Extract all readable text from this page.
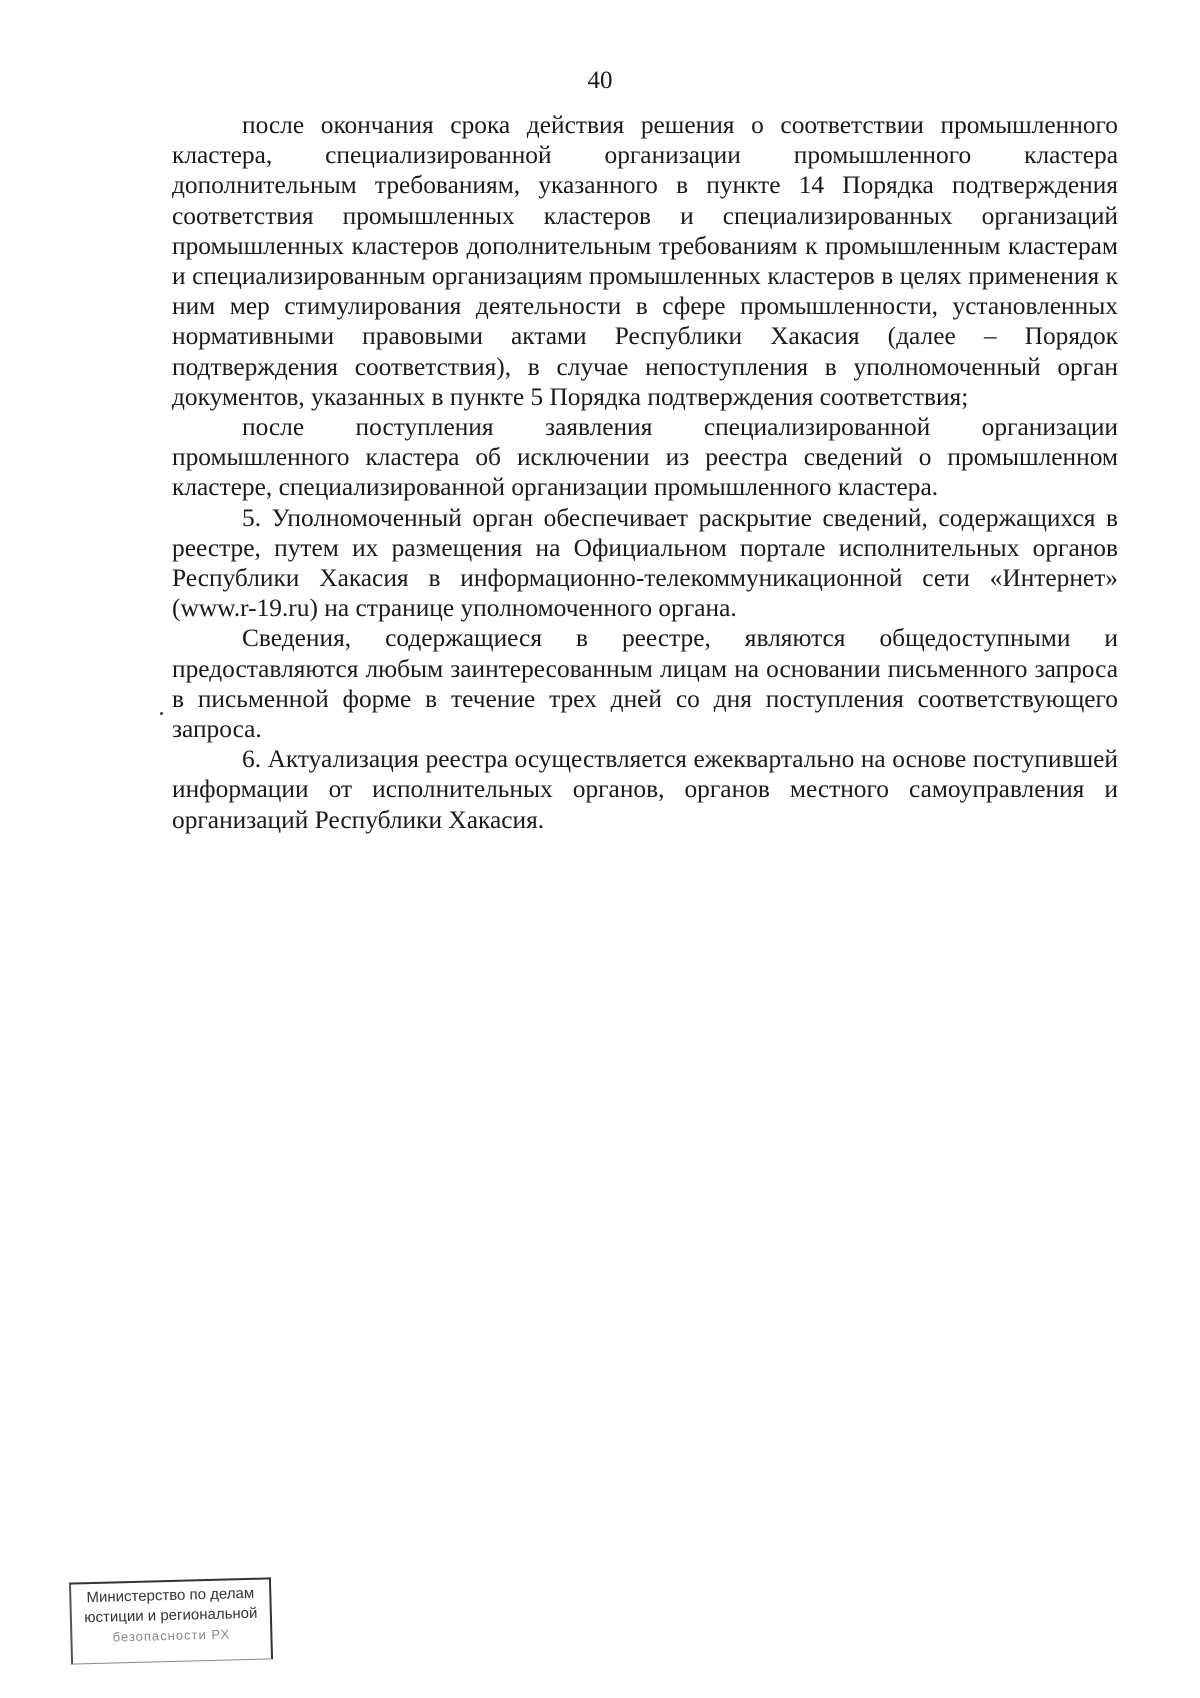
40

после окончания срока действия решения о соответствии промышленного кластера, специализированной организации промышленного кластера дополнительным требованиям, указанного в пункте 14 Порядка подтверждения соответствия промышленных кластеров и специализированных организаций промышленных кластеров дополнительным требованиям к промышленным кластерам и специализированным организациям промышленных кластеров в целях применения к ним мер стимулирования деятельности в сфере промышленности, установленных нормативными правовыми актами Республики Хакасия (далее – Порядок подтверждения соответствия), в случае непоступления в уполномоченный орган документов, указанных в пункте 5 Порядка подтверждения соответствия;

после поступления заявления специализированной организации промышленного кластера об исключении из реестра сведений о промышленном кластере, специализированной организации промышленного кластера.

5. Уполномоченный орган обеспечивает раскрытие сведений, содержащихся в реестре, путем их размещения на Официальном портале исполнительных органов Республики Хакасия в информационно-телекоммуникационной сети «Интернет» (www.r-19.ru) на странице уполномоченного органа.

Сведения, содержащиеся в реестре, являются общедоступными и предоставляются любым заинтересованным лицам на основании письменного запроса в письменной форме в течение трех дней со дня поступления соответствующего запроса.

6. Актуализация реестра осуществляется ежеквартально на основе поступившей информации от исполнительных органов, органов местного самоуправления и организаций Республики Хакасия.

Министерство по делам
юстиции и региональной
безопасности РХ
